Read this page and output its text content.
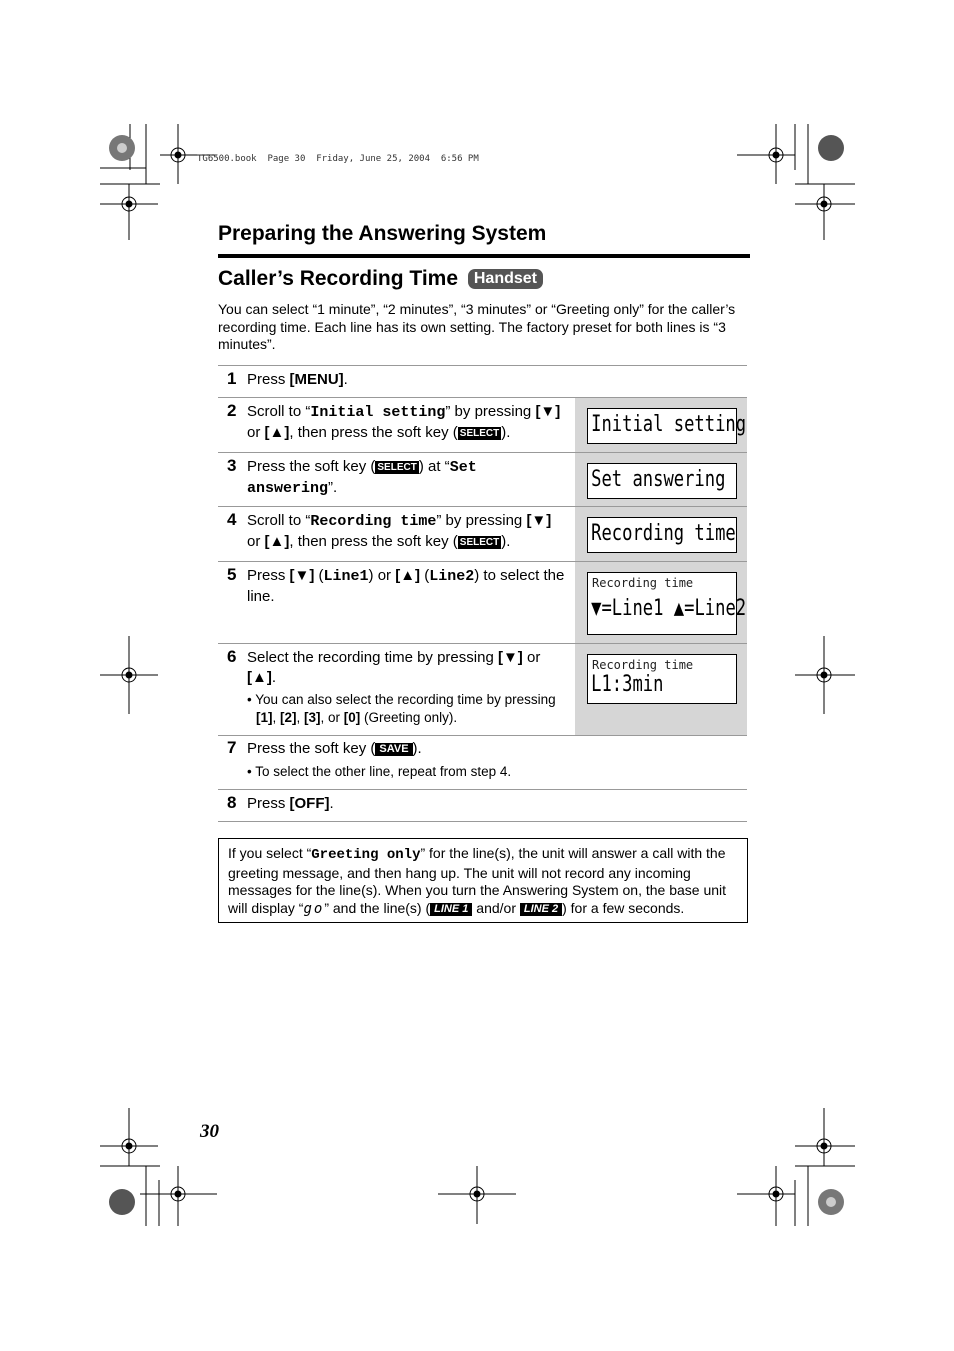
TG6500.book  Page 30  Friday, June 25, 2004  6:56 PM
Preparing the Answering System
Caller’s Recording Time Handset
You can select “1 minute”, “2 minutes”, “3 minutes” or “Greeting only” for the caller’s recording time. Each line has its own setting. The factory preset for both lines is “3 minutes”.
1 Press [MENU].
2 Scroll to “Initial setting” by pressing [▼] or [▲], then press the soft key ( SELECT ).	Initial setting
3 Press the soft key ( SELECT ) at “Set answering”.	Set answering
4 Scroll to “Recording time” by pressing [▼] or [▲], then press the soft key ( SELECT ).	Recording time
5 Press [▼] (Line1) or [▲] (Line2) to select the line.
Recording time
▼=Line1 ▲=Line2
6 Select the recording time by pressing [▼] or [▲].
• You can also select the recording time by pressing [1], [2], [3], or [0] (Greeting only).
Recording time
L1:3min
7 Press the soft key ( SAVE ).
• To select the other line, repeat from step 4.
8 Press [OFF].
If you select “Greeting only” for the line(s), the unit will answer a call with the greeting message, and then hang up. The unit will not record any incoming messages for the line(s). When you turn the Answering System on, the base unit will display “go” and the line(s) ( LINE 1 and/or LINE 2 ) for a few seconds.
30
